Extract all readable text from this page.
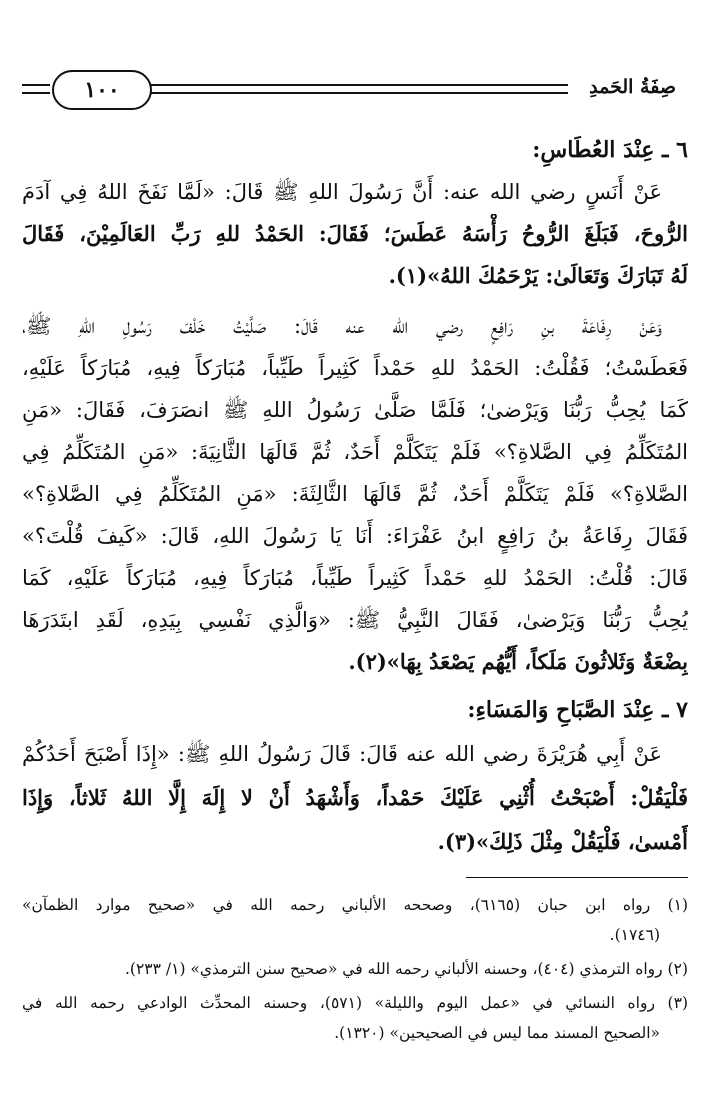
صِفَةُ الحَمدِ
١٠٠
٦ ـ عِنْدَ العُطَاسِ:
عَنْ أَنَسٍ رضي الله عنه: أَنَّ رَسُولَ اللهِ ﷺ قَالَ: «لَمَّا نَفَخَ اللهُ فِي آدَمَ
الرُّوحَ، فَبَلَغَ الرُّوحُ رَأْسَهُ عَطَسَ؛ فَقَالَ: الحَمْدُ للهِ رَبِّ العَالَمِيْنَ، فَقَالَ
لَهُ تَبَارَكَ وَتَعَالَىٰ: يَرْحَمُكَ اللهُ»(١).
وَعَنْ رِفَاعَةَ بنِ رَافِعٍ رضي الله عنه قَالَ: صَلَّيْتُ خَلْفَ رَسُولِ اللهِ ﷺ،
فَعَطَسْتُ؛ فَقُلْتُ: الحَمْدُ للهِ حَمْداً كَثِيراً طَيِّباً، مُبَارَكاً فِيهِ، مُبَارَكاً عَلَيْهِ،
كَمَا يُحِبُّ رَبُّنَا وَيَرْضىٰ؛ فَلَمَّا صَلَّىٰ رَسُولُ اللهِ ﷺ انصَرَفَ، فَقَالَ: «مَنِ
المُتَكَلِّمُ فِي الصَّلاةِ؟» فَلَمْ يَتَكَلَّمْ أَحَدٌ، ثُمَّ قَالَهَا الثَّانِيَةَ: «مَنِ المُتَكَلِّمُ فِي
الصَّلاةِ؟» فَلَمْ يَتَكَلَّمْ أَحَدٌ، ثُمَّ قَالَهَا الثَّالِثَةَ: «مَنِ المُتَكَلِّمُ فِي الصَّلاةِ؟»
فَقَالَ رِفَاعَةُ بنُ رَافِعٍ ابنُ عَفْرَاءَ: أَنَا يَا رَسُولَ اللهِ، قَالَ: «كَيفَ قُلْتَ؟»
قَالَ: قُلْتُ: الحَمْدُ للهِ حَمْداً كَثِيراً طَيِّباً، مُبَارَكاً فِيهِ، مُبَارَكاً عَلَيْهِ، كَمَا
يُحِبُّ رَبُّنَا وَيَرْضىٰ، فَقَالَ النَّبِيُّ ﷺ: «وَالَّذِي نَفْسِي بِيَدِهِ، لَقَدِ ابتَدَرَهَا
بِضْعَةٌ وَثَلاثُونَ مَلَكاً، أَيُّهُم يَصْعَدُ بِهَا»(٢).
٧ ـ عِنْدَ الصَّبَاحِ وَالمَسَاءِ:
عَنْ أَبِي هُرَيْرَةَ رضي الله عنه قَالَ: قَالَ رَسُولُ اللهِ ﷺ: «إِذَا أَصْبَحَ أَحَدُكُمْ
فَلْيَقُلْ: أَصْبَحْتُ أُثْنِي عَلَيْكَ حَمْداً، وَأَشْهَدُ أَنْ لا إِلَهَ إِلَّا اللهُ ثَلاثاً، وَإِذَا
أَمْسىٰ، فَلْيَقُلْ مِثْلَ ذَلِكَ»(٣).
(١) رواه ابن حبان (٦١٦٥)، وصححه الألباني رحمه الله في «صحيح موارد الظمآن»
(١٧٤٦).
(٢) رواه الترمذي (٤٠٤)، وحسنه الألباني رحمه الله في «صحيح سنن الترمذي» (١/ ٢٣٣).
(٣) رواه النسائي في «عمل اليوم والليلة» (٥٧١)، وحسنه المحدِّث الوادعي رحمه الله في
«الصحيح المسند مما ليس في الصحيحين» (١٣٢٠).
